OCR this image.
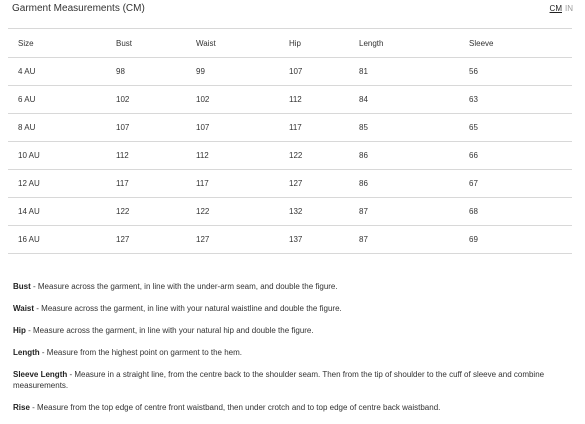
Garment Measurements (CM)	CM IN
Size	Bust	Waist	Hip	Length	Sleeve
4 AU	98	99	107	81	56
6 AU	102	102	112	84	63
8 AU	107	107	117	85	65
10 AU	112	112	122	86	66
12 AU	117	117	127	86	67
14 AU	122	122	132	87	68
16 AU	127	127	137	87	69

Bust - Measure across the garment, in line with the under-arm seam, and double the figure.

Waist - Measure across the garment, in line with your natural waistline and double the figure.

Hip - Measure across the garment, in line with your natural hip and double the figure.

Length - Measure from the highest point on garment to the hem.

Sleeve Length - Measure in a straight line, from the centre back to the shoulder seam. Then from the tip of shoulder to the cuff of sleeve and combine measurements.

Rise - Measure from the top edge of centre front waistband, then under crotch and to top edge of centre back waistband.
